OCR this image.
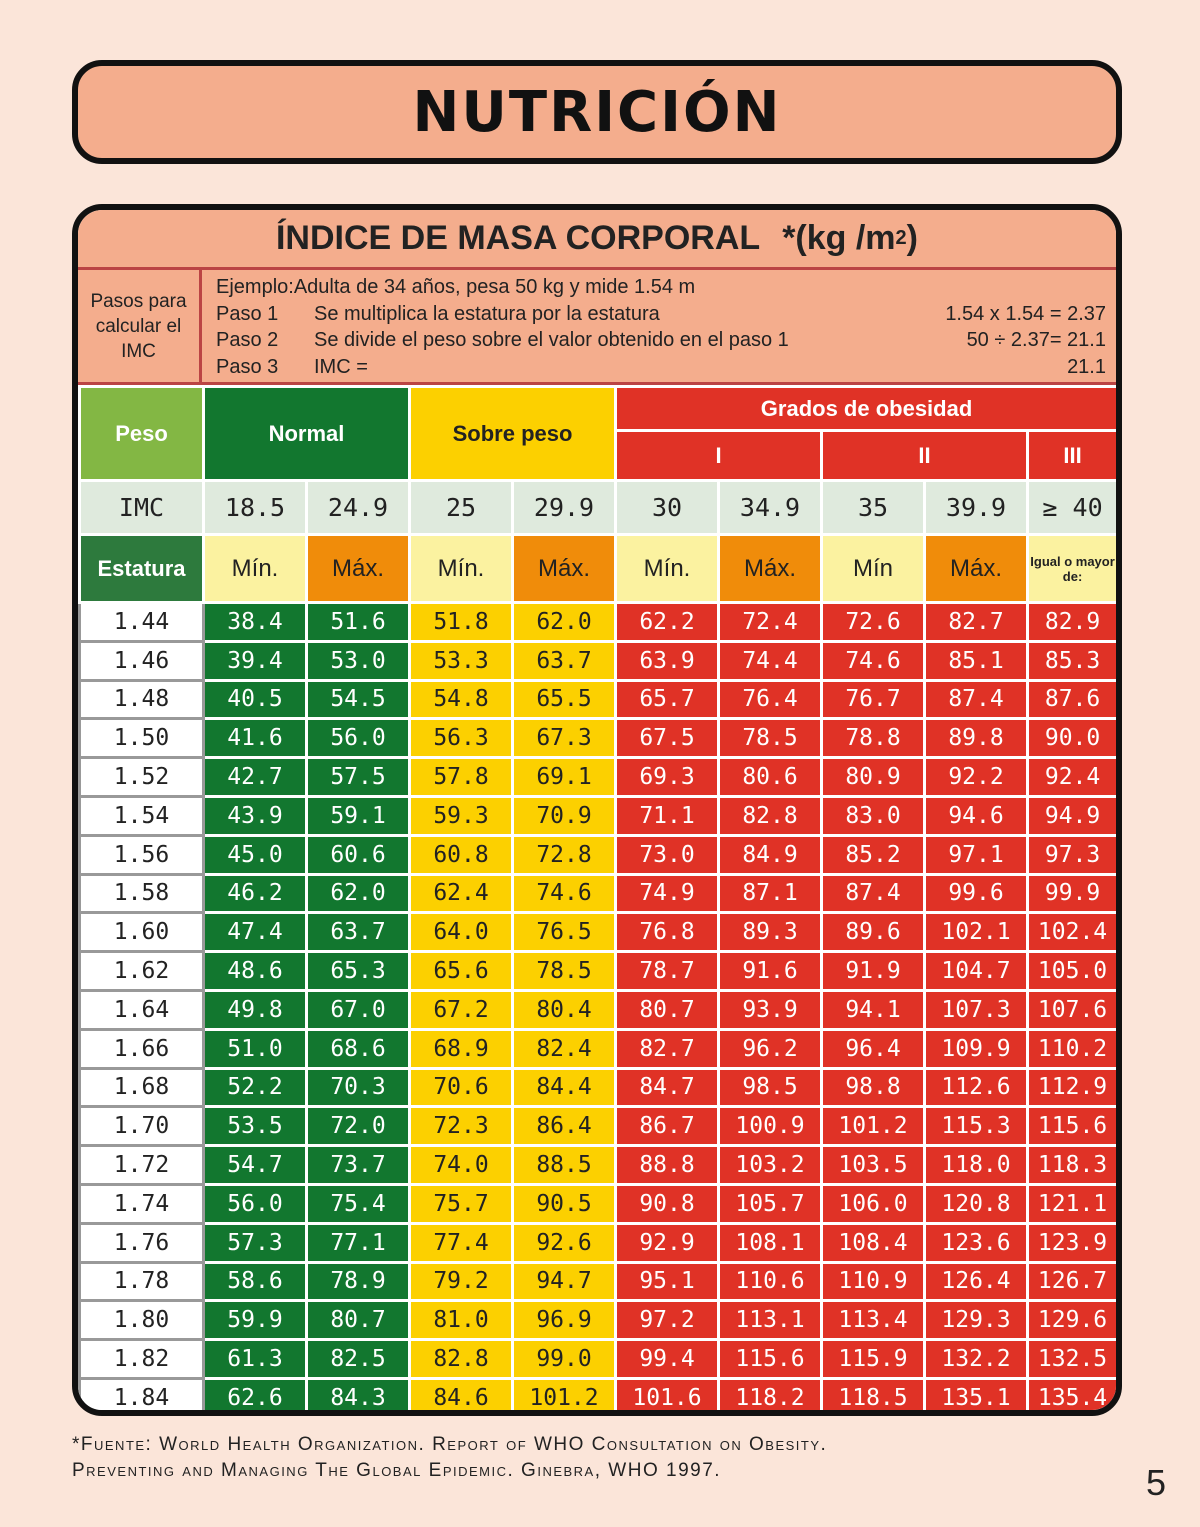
NUTRICIÓN
ÍNDICE DE MASA CORPORAL *(kg /m 2 )
Pasos para calcular el IMC
Ejemplo:Adulta de 34 años, pesa 50 kg y mide 1.54 m
Paso 1	Se multiplica la estatura por la estatura	1.54 x 1.54 = 2.37
Paso 2	Se divide el peso sobre el valor obtenido en el paso 1	50 ÷ 2.37= 21.1
Paso 3	IMC =	21.1
Peso	Normal		Sobre peso		Grados de obesidad				
					I		II		III
IMC	18.5	24.9	25	29.9	30	34.9	35	39.9	≥ 40
Estatura	Mín.	Máx.	Mín.	Máx.	Mín.	Máx.	Mín	Máx.	Igual o mayor de:
1.44	38.4	51.6	51.8	62.0	62.2	72.4	72.6	82.7	82.9
1.46	39.4	53.0	53.3	63.7	63.9	74.4	74.6	85.1	85.3
1.48	40.5	54.5	54.8	65.5	65.7	76.4	76.7	87.4	87.6
1.50	41.6	56.0	56.3	67.3	67.5	78.5	78.8	89.8	90.0
1.52	42.7	57.5	57.8	69.1	69.3	80.6	80.9	92.2	92.4
1.54	43.9	59.1	59.3	70.9	71.1	82.8	83.0	94.6	94.9
1.56	45.0	60.6	60.8	72.8	73.0	84.9	85.2	97.1	97.3
1.58	46.2	62.0	62.4	74.6	74.9	87.1	87.4	99.6	99.9
1.60	47.4	63.7	64.0	76.5	76.8	89.3	89.6	102.1	102.4
1.62	48.6	65.3	65.6	78.5	78.7	91.6	91.9	104.7	105.0
1.64	49.8	67.0	67.2	80.4	80.7	93.9	94.1	107.3	107.6
1.66	51.0	68.6	68.9	82.4	82.7	96.2	96.4	109.9	110.2
1.68	52.2	70.3	70.6	84.4	84.7	98.5	98.8	112.6	112.9
1.70	53.5	72.0	72.3	86.4	86.7	100.9	101.2	115.3	115.6
1.72	54.7	73.7	74.0	88.5	88.8	103.2	103.5	118.0	118.3
1.74	56.0	75.4	75.7	90.5	90.8	105.7	106.0	120.8	121.1
1.76	57.3	77.1	77.4	92.6	92.9	108.1	108.4	123.6	123.9
1.78	58.6	78.9	79.2	94.7	95.1	110.6	110.9	126.4	126.7
1.80	59.9	80.7	81.0	96.9	97.2	113.1	113.4	129.3	129.6
1.82	61.3	82.5	82.8	99.0	99.4	115.6	115.9	132.2	132.5
1.84	62.6	84.3	84.6	101.2	101.6	118.2	118.5	135.1	135.4
*Fuente: World Health Organization. Report of WHO Consultation on Obesity.
Preventing and Managing The Global Epidemic. Ginebra, WHO 1997.	5
